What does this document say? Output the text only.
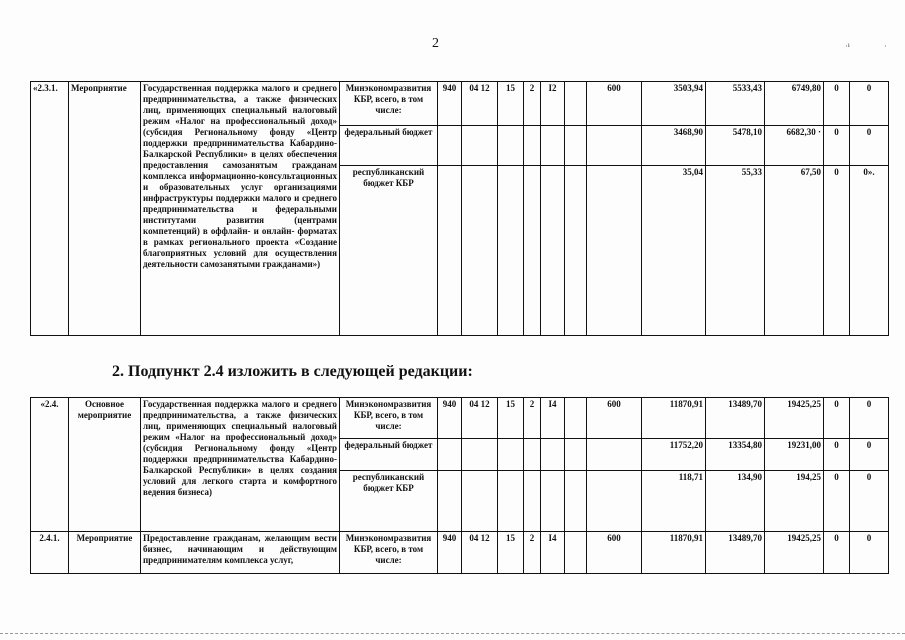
2	·¹	·
«2.3.1.	Мероприятие	Государственная поддержка малого и среднего предпринимательства, а также физических лиц, применяющих специальный налоговый режим «Налог на профессиональный доход» (субсидия Региональному фонду «Центр поддержки предпринимательства Кабардино-Балкарской Республики» в целях обеспечения предоставления самозанятым гражданам комплекса информационно-консультационных и образовательных услуг организациями инфраструктуры поддержки малого и среднего предпринимательства и федеральными институтами развития (центрами компетенций) в оффлайн- и онлайн- форматах в рамках регионального проекта «Создание благоприятных условий для осуществления деятельности самозанятыми гражданами»)	Минэкономразвития КБР, всего, в том числе:	940	04 12	15	2	I2		600	3503,94	5533,43	6749,80	0	0
			федеральный бюджет								3468,90	5478,10	6682,30 ·	0	0
			республиканский бюджет КБР								35,04	55,33	67,50	0	0».
2. Подпункт 2.4 изложить в следующей редакции:
«2.4.	Основное мероприятие	Государственная поддержка малого и среднего предпринимательства, а также физических лиц, применяющих специальный налоговый режим «Налог на профессиональный доход» (субсидия Региональному фонду «Центр поддержки предпринимательства Кабардино-Балкарской Республики» в целях создания условий для легкого старта и комфортного ведения бизнеса)	Минэкономразвития КБР, всего, в том числе:	940	04 12	15	2	I4		600	11870,91	13489,70	19425,25	0	0
			федеральный бюджет								11752,20	13354,80	19231,00	0	0
			республиканский бюджет КБР								118,71	134,90	194,25	0	0
2.4.1.	Мероприятие	Предоставление гражданам, желающим вести бизнес, начинающим и действующим предпринимателям комплекса услуг,	Минэкономразвития КБР, всего, в том числе:	940	04 12	15	2	I4		600	11870,91	13489,70	19425,25	0	0
